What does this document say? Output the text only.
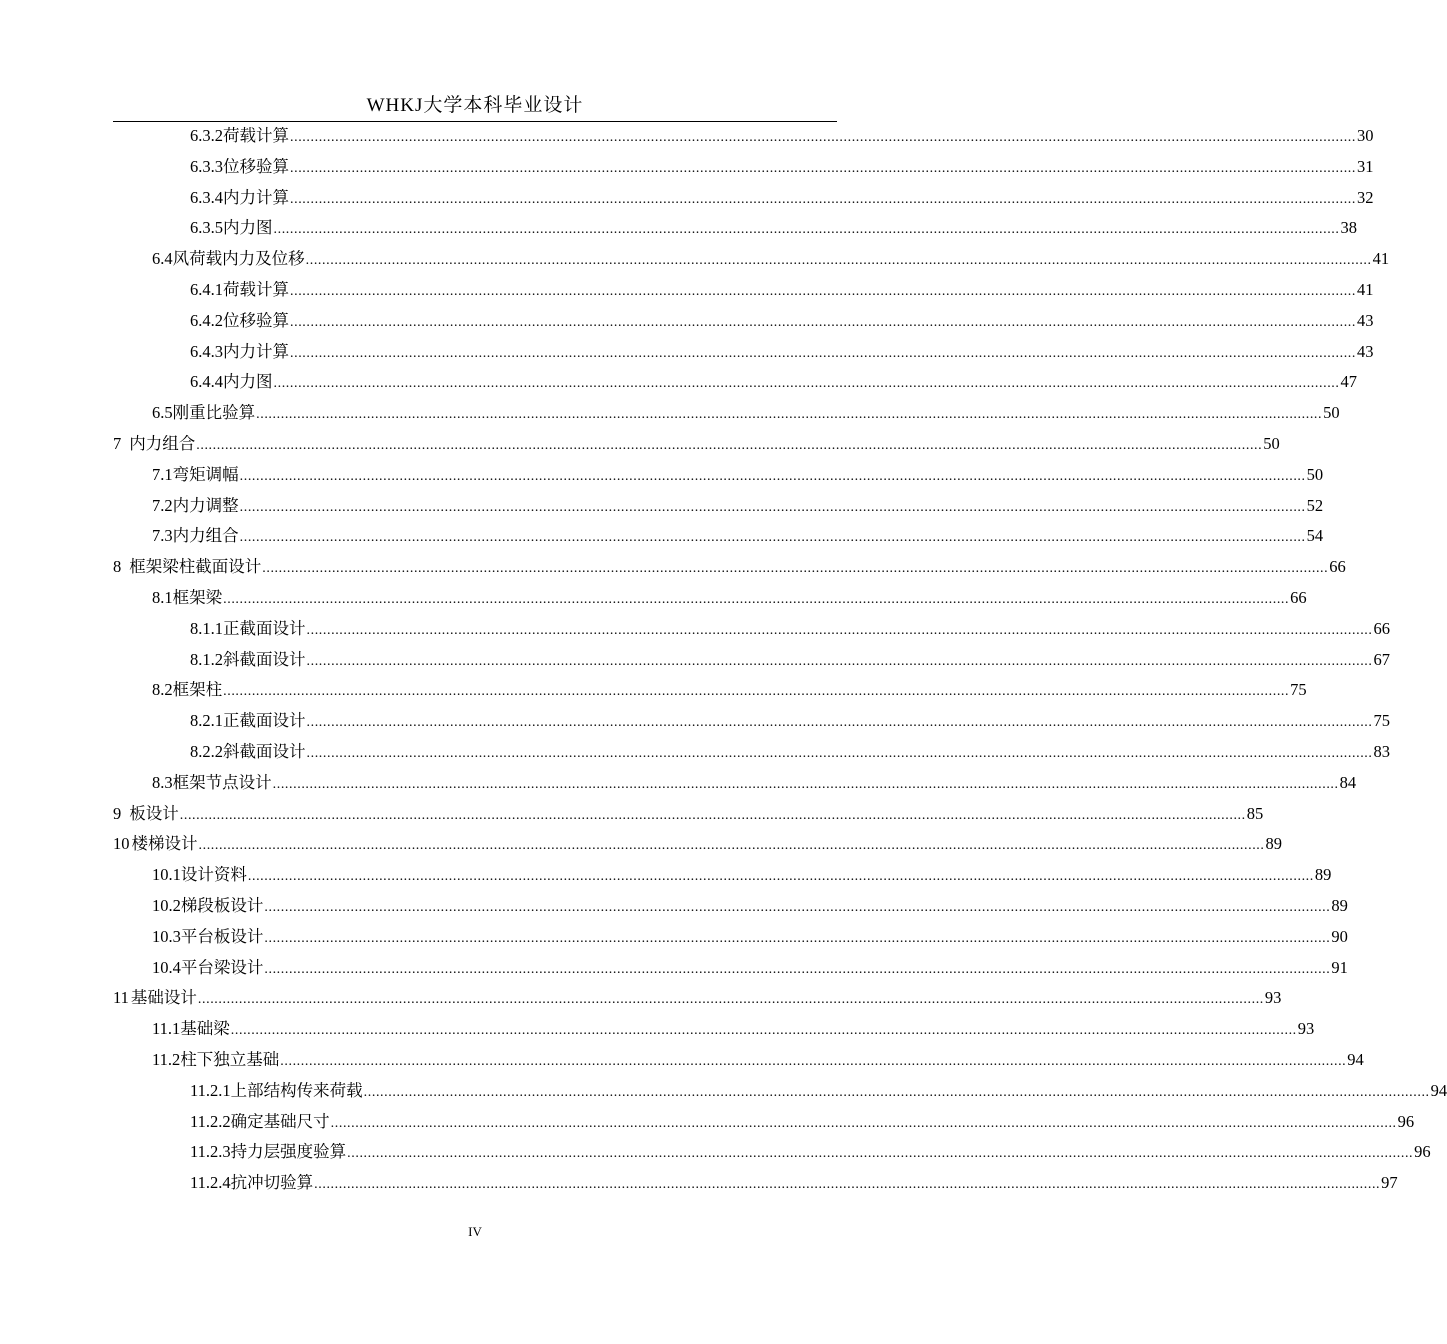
WHKJ大学本科毕业设计
6.3.2 荷载计算 .................................................................................................................................................................................................................................................................... 30
6.3.3 位移验算 .................................................................................................................................................................................................................................................................... 31
6.3.4 内力计算 .................................................................................................................................................................................................................................................................... 32
6.3.5 内力图 .................................................................................................................................................................................................................................................................... 38
6.4 风荷载内力及位移 .................................................................................................................................................................................................................................................................... 41
6.4.1 荷载计算 .................................................................................................................................................................................................................................................................... 41
6.4.2 位移验算 .................................................................................................................................................................................................................................................................... 43
6.4.3 内力计算 .................................................................................................................................................................................................................................................................... 43
6.4.4 内力图 .................................................................................................................................................................................................................................................................... 47
6.5 刚重比验算 .................................................................................................................................................................................................................................................................... 50
7 内力组合 .................................................................................................................................................................................................................................................................... 50
7.1 弯矩调幅 .................................................................................................................................................................................................................................................................... 50
7.2 内力调整 .................................................................................................................................................................................................................................................................... 52
7.3 内力组合 .................................................................................................................................................................................................................................................................... 54
8 框架梁柱截面设计 .................................................................................................................................................................................................................................................................... 66
8.1 框架梁 .................................................................................................................................................................................................................................................................... 66
8.1.1 正截面设计 .................................................................................................................................................................................................................................................................... 66
8.1.2 斜截面设计 .................................................................................................................................................................................................................................................................... 67
8.2 框架柱 .................................................................................................................................................................................................................................................................... 75
8.2.1 正截面设计 .................................................................................................................................................................................................................................................................... 75
8.2.2 斜截面设计 .................................................................................................................................................................................................................................................................... 83
8.3 框架节点设计 .................................................................................................................................................................................................................................................................... 84
9 板设计 .................................................................................................................................................................................................................................................................... 85
10 楼梯设计 .................................................................................................................................................................................................................................................................... 89
10.1 设计资料 .................................................................................................................................................................................................................................................................... 89
10.2 梯段板设计 .................................................................................................................................................................................................................................................................... 89
10.3 平台板设计 .................................................................................................................................................................................................................................................................... 90
10.4 平台梁设计 .................................................................................................................................................................................................................................................................... 91
11 基础设计 .................................................................................................................................................................................................................................................................... 93
11.1 基础梁 .................................................................................................................................................................................................................................................................... 93
11.2 柱下独立基础 .................................................................................................................................................................................................................................................................... 94
11.2.1 上部结构传来荷载 .................................................................................................................................................................................................................................................................... 94
11.2.2 确定基础尺寸 .................................................................................................................................................................................................................................................................... 96
11.2.3 持力层强度验算 .................................................................................................................................................................................................................................................................... 96
11.2.4 抗冲切验算 .................................................................................................................................................................................................................................................................... 97
IV
